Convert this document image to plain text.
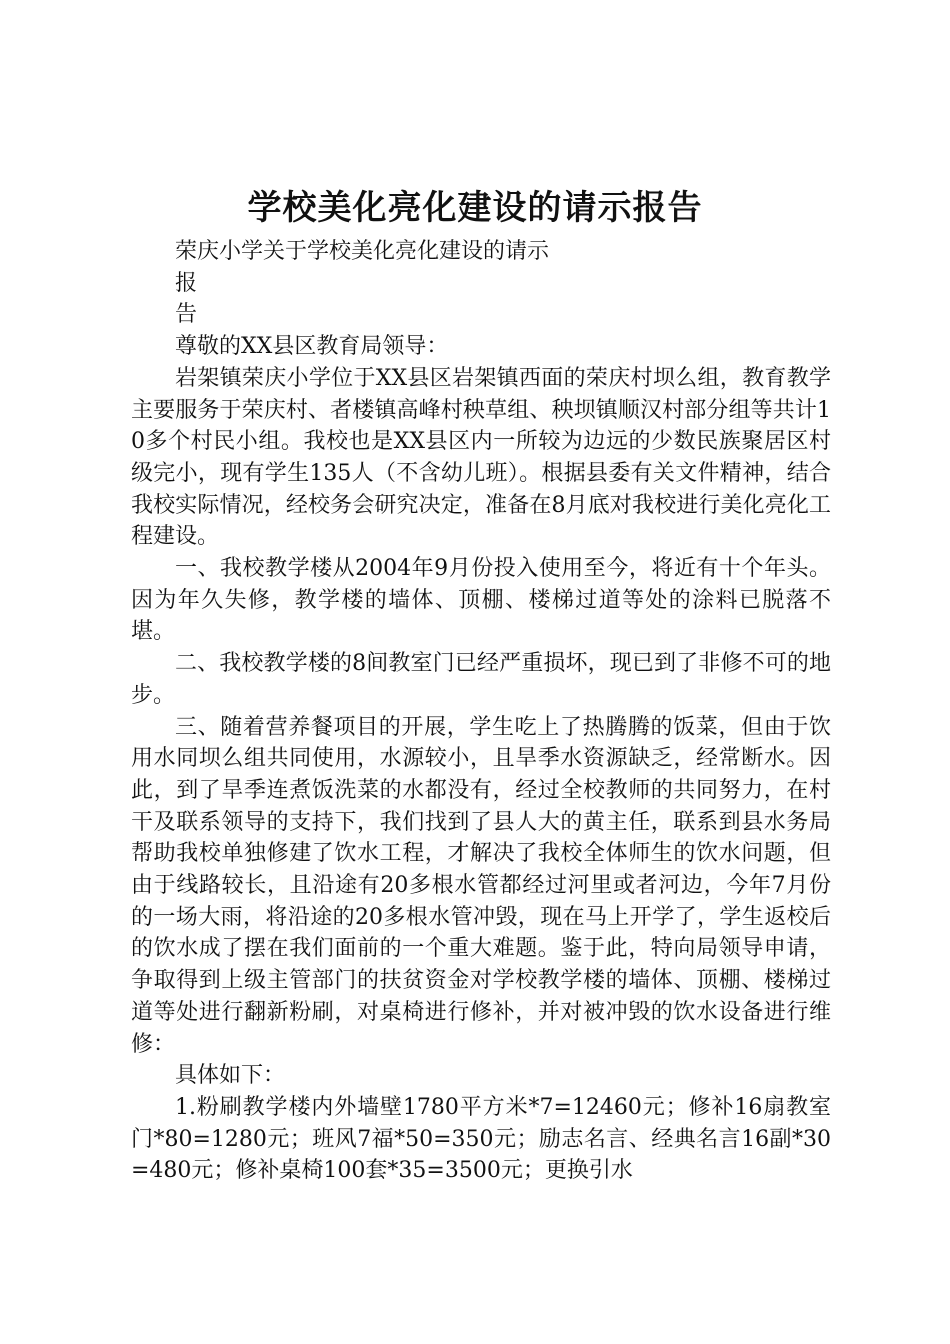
学校美化亮化建设的请示报告

荣庆小学关于学校美化亮化建设的请示

报

告

尊敬的XX县区教育局领导：

岩架镇荣庆小学位于XX县区岩架镇西面的荣庆村坝么组，教育教学主要服务于荣庆村、者楼镇高峰村秧草组、秧坝镇顺汉村部分组等共计10多个村民小组。我校也是XX县区内一所较为边远的少数民族聚居区村级完小，现有学生135人（不含幼儿班）。根据县委有关文件精神，结合我校实际情况，经校务会研究决定，准备在8月底对我校进行美化亮化工程建设。

一、我校教学楼从2004年9月份投入使用至今，将近有十个年头。因为年久失修，教学楼的墙体、顶棚、楼梯过道等处的涂料已脱落不堪。

二、我校教学楼的8间教室门已经严重损坏，现已到了非修不可的地步。

三、随着营养餐项目的开展，学生吃上了热腾腾的饭菜，但由于饮用水同坝么组共同使用，水源较小，且旱季水资源缺乏，经常断水。因此，到了旱季连煮饭洗菜的水都没有，经过全校教师的共同努力，在村干及联系领导的支持下，我们找到了县人大的黄主任，联系到县水务局帮助我校单独修建了饮水工程，才解决了我校全体师生的饮水问题，但由于线路较长，且沿途有20多根水管都经过河里或者河边，今年7月份的一场大雨，将沿途的20多根水管冲毁，现在马上开学了，学生返校后的饮水成了摆在我们面前的一个重大难题。鉴于此，特向局领导申请，争取得到上级主管部门的扶贫资金对学校教学楼的墙体、顶棚、楼梯过道等处进行翻新粉刷，对桌椅进行修补，并对被冲毁的饮水设备进行维修：

具体如下：

1.粉刷教学楼内外墙壁1780平方米*7=12460元；修补16扇教室门*80=1280元；班风7福*50=350元；励志名言、经典名言16副*30=480元；修补桌椅100套*35=3500元；更换引水
